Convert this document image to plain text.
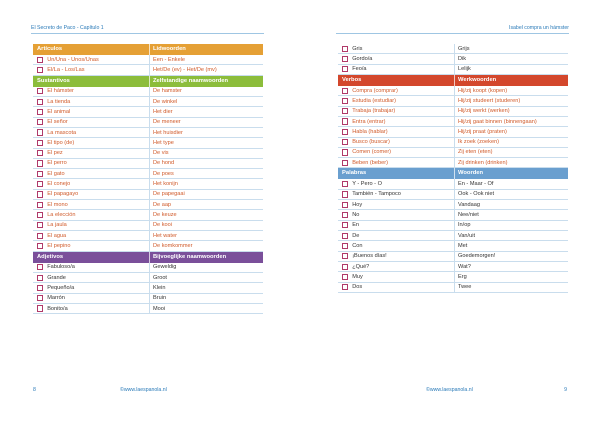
El Secreto de Paco - Capítulo 1
Artículos	Lidwoorden
Un/Una - Unos/Unas	Een - Enkele
El/La - Los/Las	Het/De (ev) - Het/De (mv)
Sustantivos	Zelfstandige naamwoorden
El hámster	De hamster
La tienda	De winkel
El animal	Het dier
El señor	De meneer
La mascota	Het huisdier
El tipo (de)	Het type
El pez	De vis
El perro	De hond
El gato	De poes
El conejo	Het konijn
El papagayo	De papegaai
El mono	De aap
La elección	De keuze
La jaula	De kooi
El agua	Het water
El pepino	De komkommer
Adjetivos	Bijvoeglijke naamwoorden
Fabuloso/a	Geweldig
Grande	Groot
Pequeño/a	Klein
Marrón	Bruin
Bonito/a	Mooi
8
©	www.laespanola.nl
Isabel compra un hámster
Gris	Grijs
Gordo/a	Dik
Feo/a	Lelijk
Verbos	Werkwoorden
Compra (comprar)	Hij/zij koopt (kopen)
Estudia (estudiar)	Hij/zij studeert (studeren)
Trabaja (trabajar)	Hij/zij werkt (werken)
Entra (entrar)	Hij/zij gaat binnen (binnengaan)
Habla (hablar)	Hij/zij praat (praten)
Busco (buscar)	Ik zoek (zoeken)
Comen (comer)	Zij eten (eten)
Beben (beber)	Zij drinken (drinken)
Palabras	Woorden
Y - Pero - O	En - Maar - Of
También - Tampoco	Ook - Ook niet
Hoy	Vandaag
No	Nee/niet
En	In/op
De	Van/uit
Con	Met
¡Buenos días!	Goedemorgen!
¿Qué?	Wat?
Muy	Erg
Dos	Twee
© www.laespanola.nl	9
